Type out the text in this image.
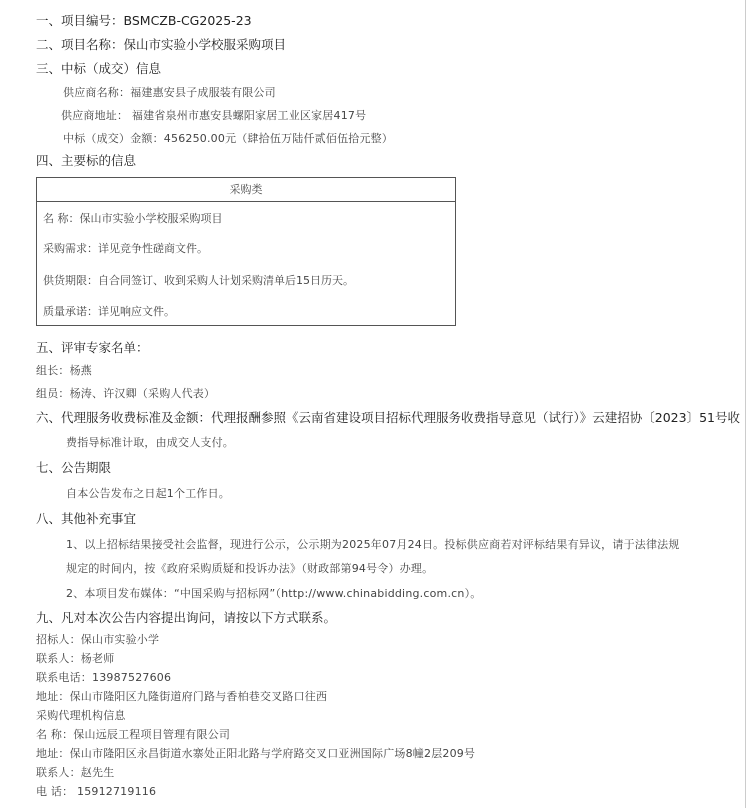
一、项目编号：BSMCZB-CG2025-23
二、项目名称：保山市实验小学校服采购项目
三、中标（成交）信息
供应商名称：福建惠安县子成服装有限公司
供应商地址： 福建省泉州市惠安县螺阳家居工业区家居417号
中标（成交）金额：456250.00元（肆拾伍万陆仟贰佰伍拾元整）
四、主要标的信息
采购类
名 称：保山市实验小学校服采购项目
采购需求：详见竞争性磋商文件。
供货期限：自合同签订、收到采购人计划采购清单后15日历天。
质量承诺：详见响应文件。
五、评审专家名单：
组长：杨燕
组员：杨涛、许汉卿（采购人代表）
六、代理服务收费标准及金额：代理报酬参照《云南省建设项目招标代理服务收费指导意见（试行）》云建招协〔2023〕51号收
费指导标准计取，由成交人支付。
七、公告期限
自本公告发布之日起1个工作日。
八、其他补充事宜
1、以上招标结果接受社会监督，现进行公示，公示期为2025年07月24日。投标供应商若对评标结果有异议，请于法律法规
规定的时间内，按《政府采购质疑和投诉办法》（财政部第94号令）办理。
2、本项目发布媒体：“中国采购与招标网”（http://www.chinabidding.com.cn）。
九、凡对本次公告内容提出询问，请按以下方式联系。
招标人：保山市实验小学
联系人：杨老师
联系电话：13987527606
地址：保山市隆阳区九隆街道府门路与香柏巷交叉路口往西
采购代理机构信息
名 称：保山远辰工程项目管理有限公司
地址：保山市隆阳区永昌街道水寨处正阳北路与学府路交叉口亚洲国际广场8幢2层209号
联系人：赵先生
电 话： 15912719116
